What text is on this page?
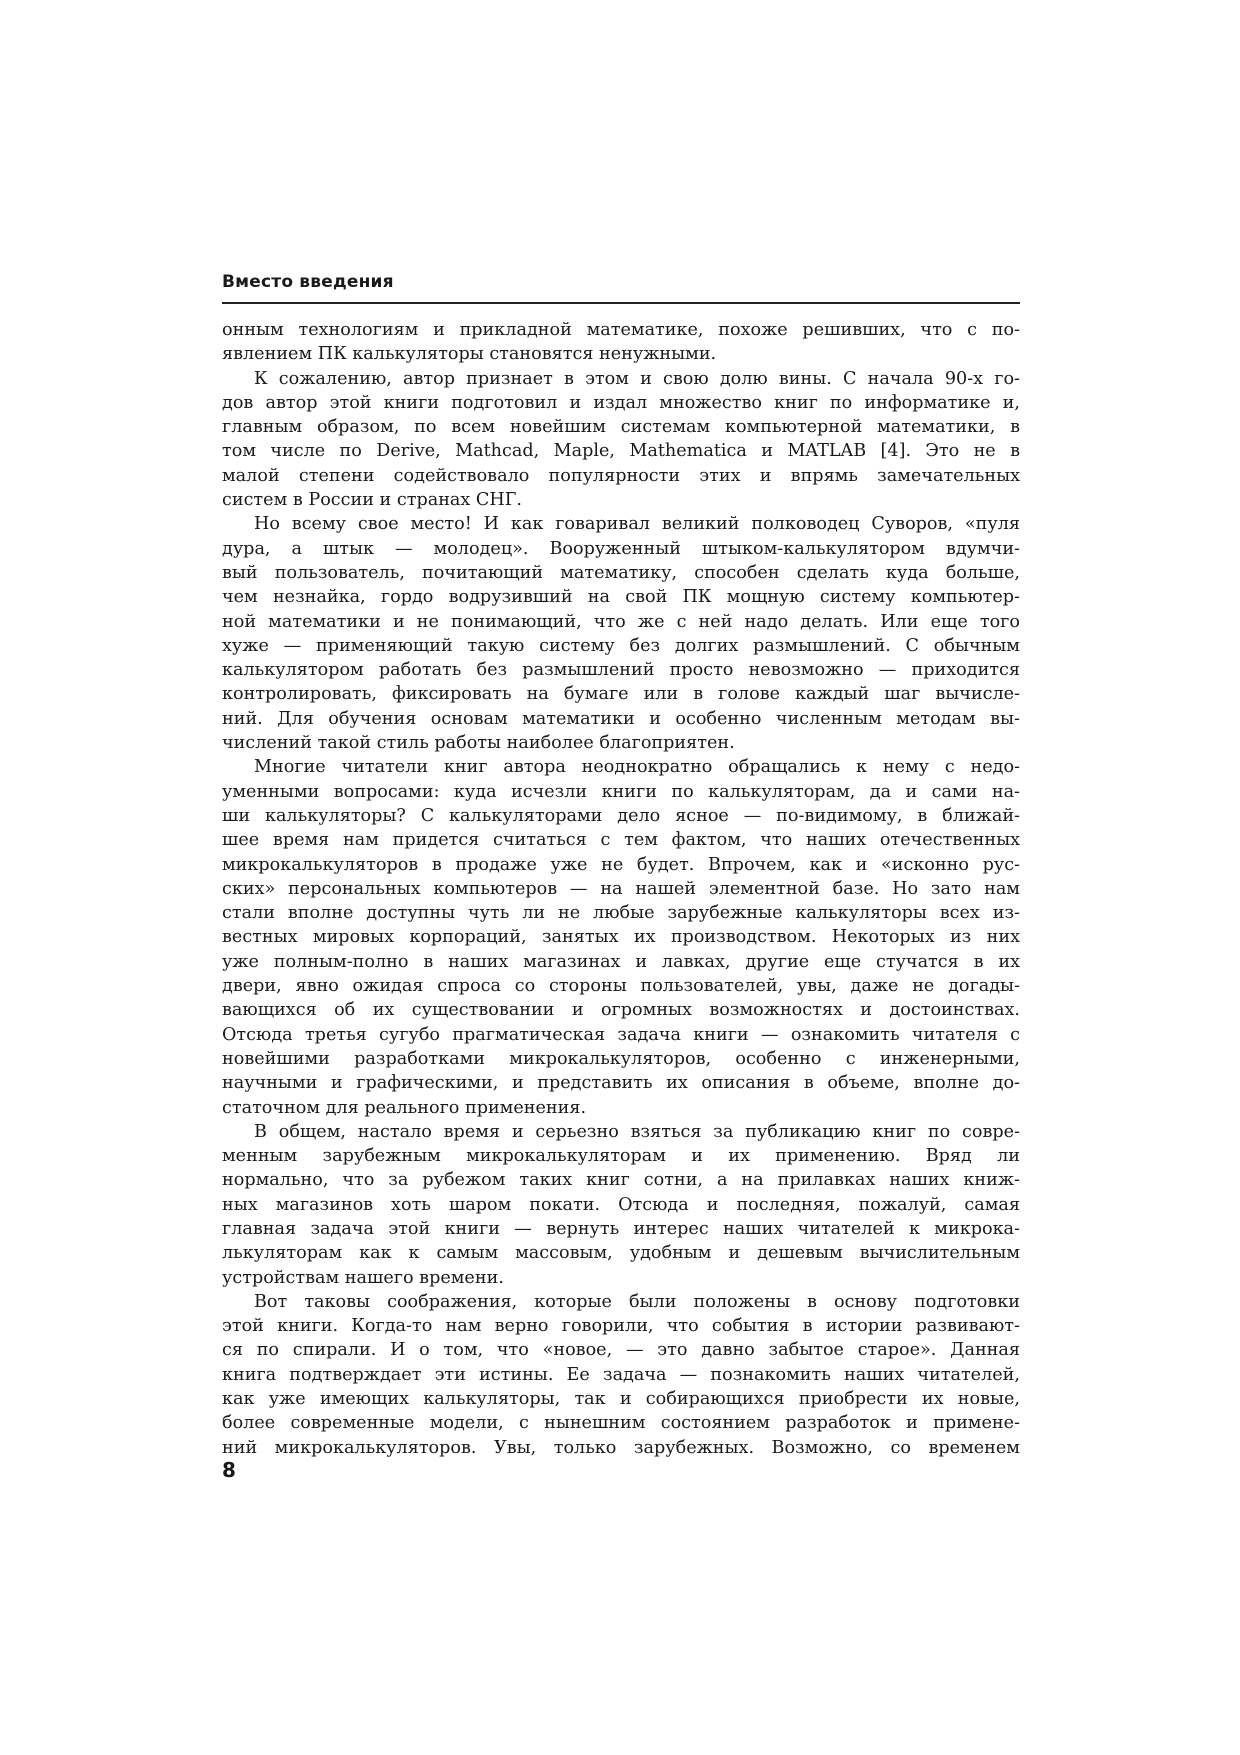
Вместо введения
онным технологиям и прикладной математике, похоже решивших, что с по-
явлением ПК калькуляторы становятся ненужными.
К сожалению, автор признает в этом и свою долю вины. С начала 90-х го-
дов автор этой книги подготовил и издал множество книг по информатике и,
главным образом, по всем новейшим системам компьютерной математики, в
том числе по Derive, Mathcad, Maple, Mathematica и MATLAB [4]. Это не в
малой степени содействовало популярности этих и впрямь замечательных
систем в России и странах СНГ.
Но всему свое место! И как говаривал великий полководец Суворов, «пуля
дура, а штык — молодец». Вооруженный штыком-калькулятором вдумчи-
вый пользователь, почитающий математику, способен сделать куда больше,
чем незнайка, гордо водрузивший на свой ПК мощную систему компьютер-
ной математики и не понимающий, что же с ней надо делать. Или еще того
хуже — применяющий такую систему без долгих размышлений. С обычным
калькулятором работать без размышлений просто невозможно — приходится
контролировать, фиксировать на бумаге или в голове каждый шаг вычисле-
ний. Для обучения основам математики и особенно численным методам вы-
числений такой стиль работы наиболее благоприятен.
Многие читатели книг автора неоднократно обращались к нему с недо-
уменными вопросами: куда исчезли книги по калькуляторам, да и сами на-
ши калькуляторы? С калькуляторами дело ясное — по-видимому, в ближай-
шее время нам придется считаться с тем фактом, что наших отечественных
микрокалькуляторов в продаже уже не будет. Впрочем, как и «исконно рус-
ских» персональных компьютеров — на нашей элементной базе. Но зато нам
стали вполне доступны чуть ли не любые зарубежные калькуляторы всех из-
вестных мировых корпораций, занятых их производством. Некоторых из них
уже полным-полно в наших магазинах и лавках, другие еще стучатся в их
двери, явно ожидая спроса со стороны пользователей, увы, даже не догады-
вающихся об их существовании и огромных возможностях и достоинствах.
Отсюда третья сугубо прагматическая задача книги — ознакомить читателя с
новейшими разработками микрокалькуляторов, особенно с инженерными,
научными и графическими, и представить их описания в объеме, вполне до-
статочном для реального применения.
В общем, настало время и серьезно взяться за публикацию книг по совре-
менным зарубежным микрокалькуляторам и их применению. Вряд ли
нормально, что за рубежом таких книг сотни, а на прилавках наших книж-
ных магазинов хоть шаром покати. Отсюда и последняя, пожалуй, самая
главная задача этой книги — вернуть интерес наших читателей к микрока-
лькуляторам как к самым массовым, удобным и дешевым вычислительным
устройствам нашего времени.
Вот таковы соображения, которые были положены в основу подготовки
этой книги. Когда-то нам верно говорили, что события в истории развивают-
ся по спирали. И о том, что «новое, — это давно забытое старое». Данная
книга подтверждает эти истины. Ее задача — познакомить наших читателей,
как уже имеющих калькуляторы, так и собирающихся приобрести их новые,
более современные модели, с нынешним состоянием разработок и примене-
ний микрокалькуляторов. Увы, только зарубежных. Возможно, со временем
8
